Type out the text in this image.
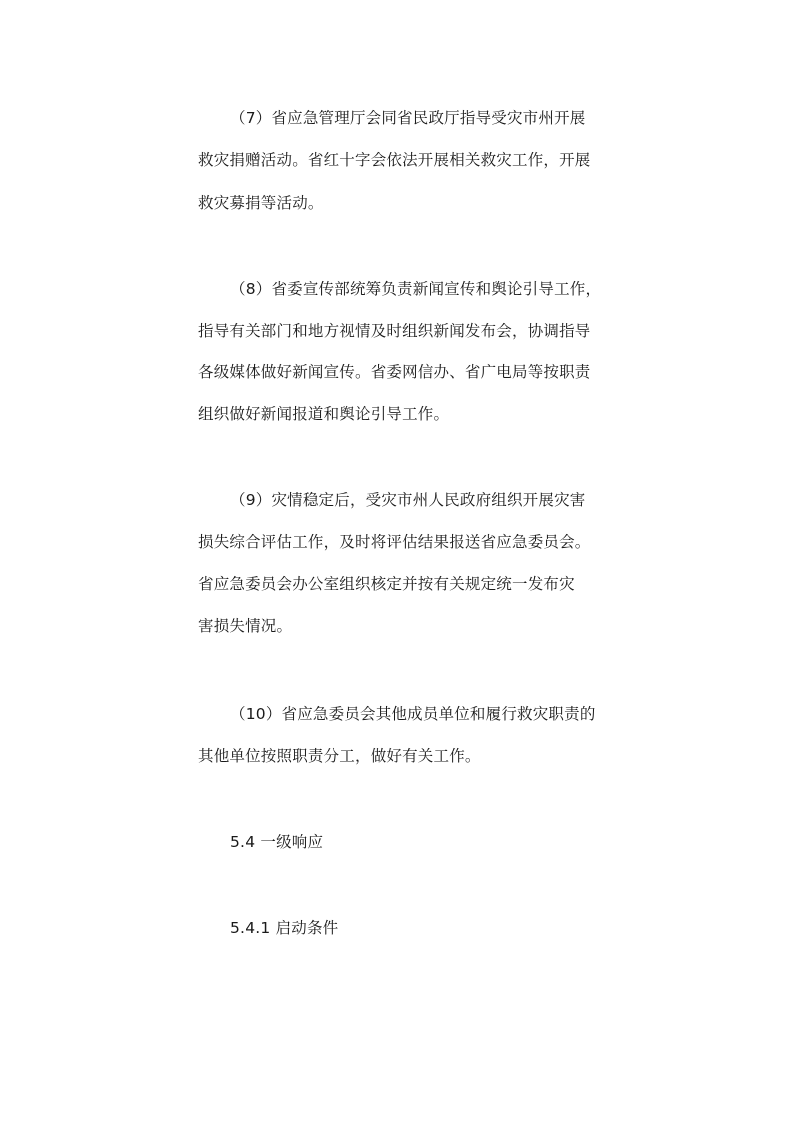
（7）省应急管理厅会同省民政厅指导受灾市州开展
救灾捐赠活动。省红十字会依法开展相关救灾工作，开展
救灾募捐等活动。
（8）省委宣传部统筹负责新闻宣传和舆论引导工作，
指导有关部门和地方视情及时组织新闻发布会，协调指导
各级媒体做好新闻宣传。省委网信办、省广电局等按职责
组织做好新闻报道和舆论引导工作。
（9）灾情稳定后，受灾市州人民政府组织开展灾害
损失综合评估工作，及时将评估结果报送省应急委员会。
省应急委员会办公室组织核定并按有关规定统一发布灾
害损失情况。
（10）省应急委员会其他成员单位和履行救灾职责的
其他单位按照职责分工，做好有关工作。
5.4 一级响应
5.4.1 启动条件
